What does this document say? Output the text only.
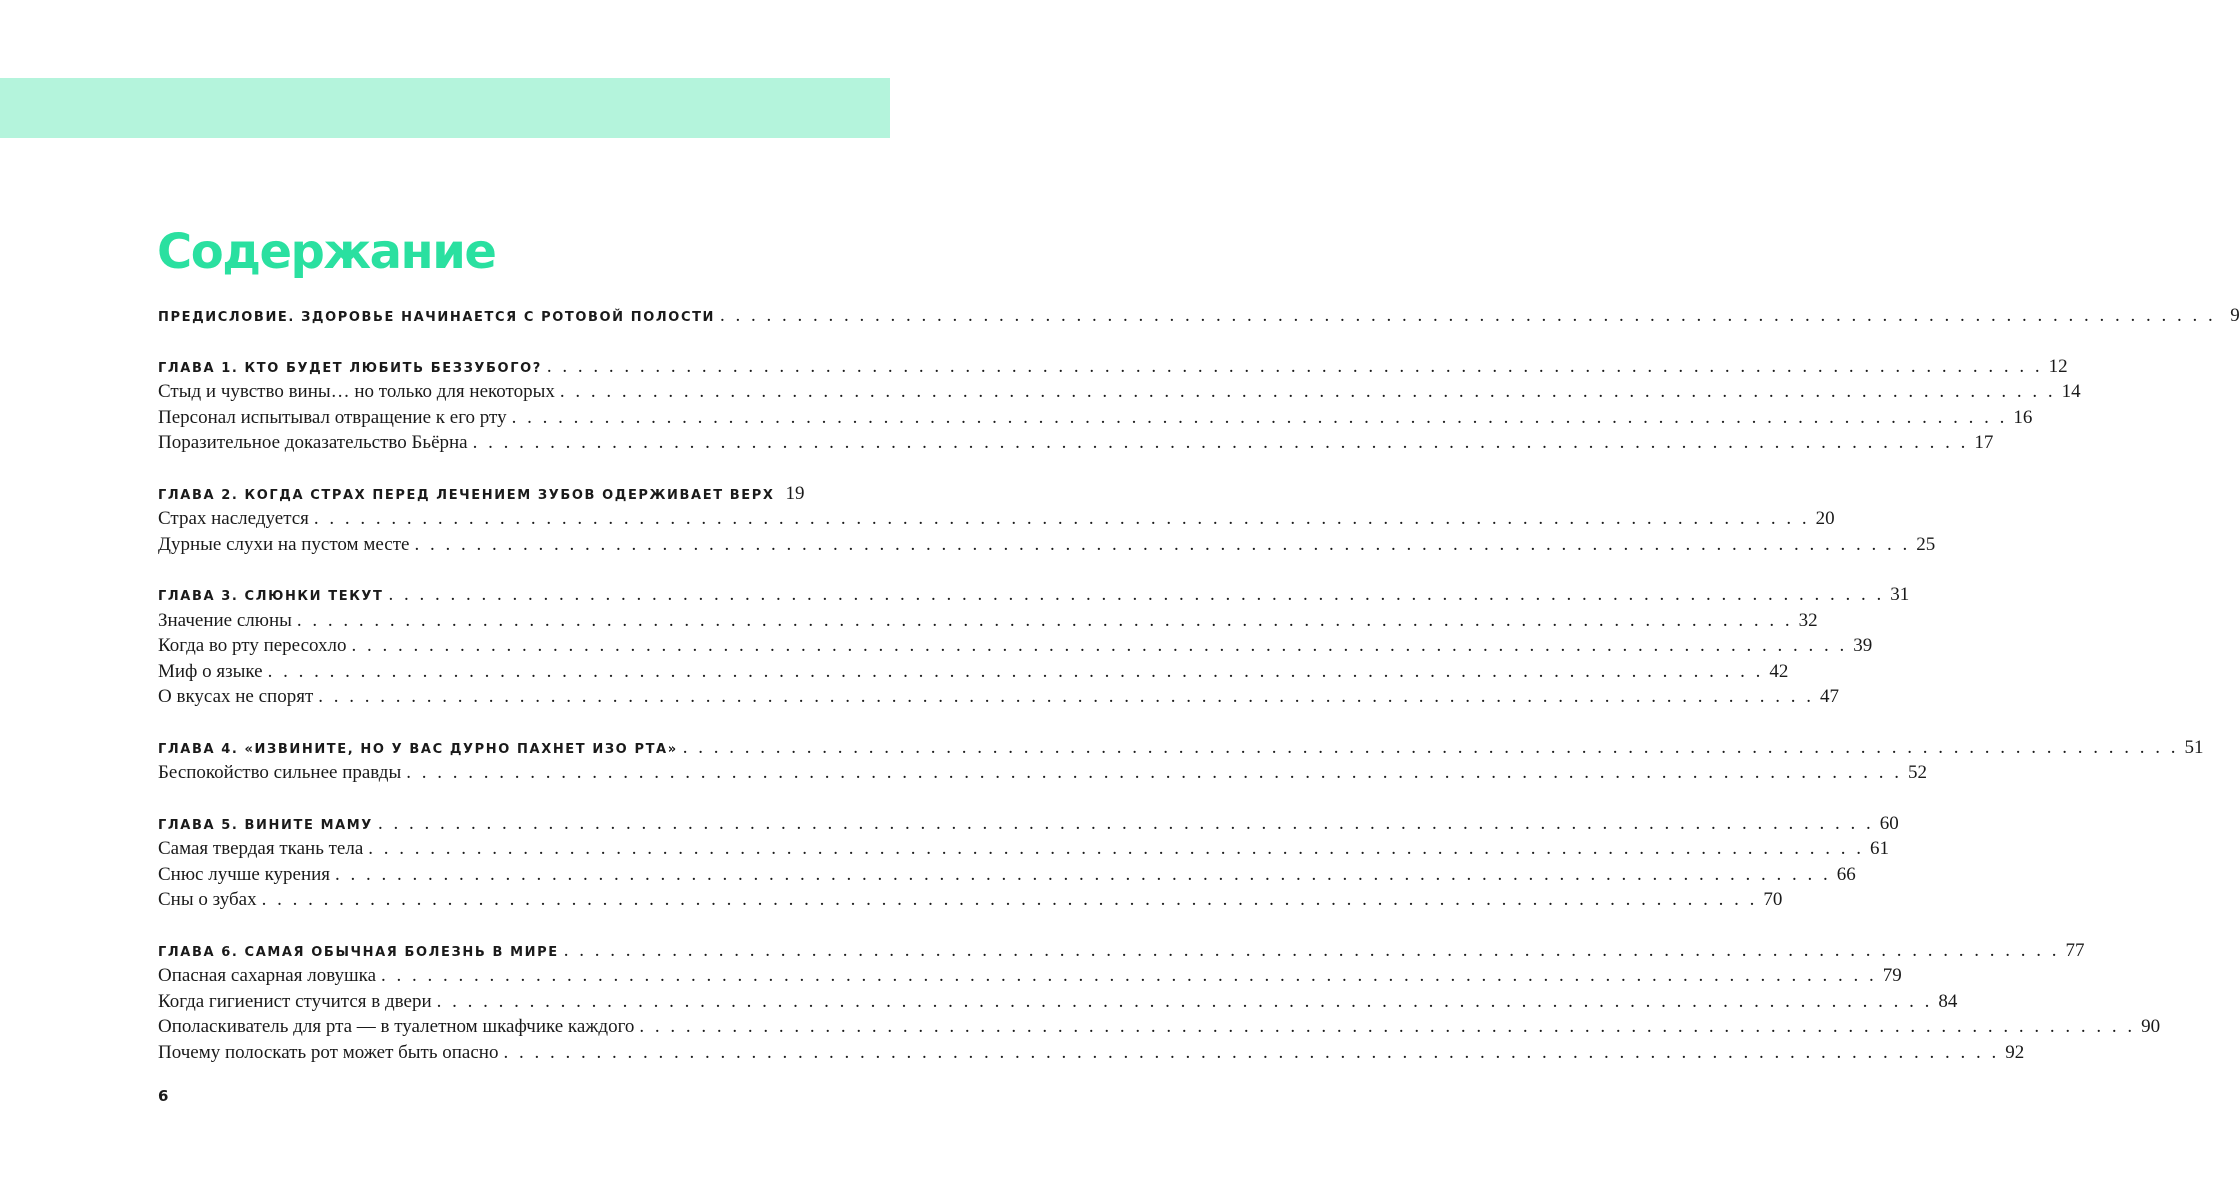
Содержание
ПРЕДИСЛОВИЕ. ЗДОРОВЬЕ НАЧИНАЕТСЯ С РОТОВОЙ ПОЛОСТИ . . .	9
ГЛАВА 1. КТО БУДЕТ ЛЮБИТЬ БЕЗЗУБОГО? . . .	12
Стыд и чувство вины… но только для некоторых . . .	14
Персонал испытывал отвращение к его рту . . .	16
Поразительное доказательство Бьёрна . . .	17
ГЛАВА 2. КОГДА СТРАХ ПЕРЕД ЛЕЧЕНИЕМ ЗУБОВ ОДЕРЖИВАЕТ ВЕРХ 19
Страх наследуется . . .	20
Дурные слухи на пустом месте . . .	25
ГЛАВА 3. СЛЮНКИ ТЕКУТ . . .	31
Значение слюны . . .	32
Когда во рту пересохло . . .	39
Миф о языке . . .	42
О вкусах не спорят . . .	47
ГЛАВА 4. «ИЗВИНИТЕ, НО У ВАС ДУРНО ПАХНЕТ ИЗО РТА» . . .	51
Беспокойство сильнее правды . . .	52
ГЛАВА 5. ВИНИТЕ МАМУ . . .	60
Самая твердая ткань тела . . .	61
Снюс лучше курения . . .	66
Сны о зубах . . .	70
ГЛАВА 6. САМАЯ ОБЫЧНАЯ БОЛЕЗНЬ В МИРЕ . . .	77
Опасная сахарная ловушка . . .	79
Когда гигиенист стучится в двери . . .	84
Ополаскиватель для рта — в туалетном шкафчике каждого . . .	90
Почему полоскать рот может быть опасно . . .	92
6
